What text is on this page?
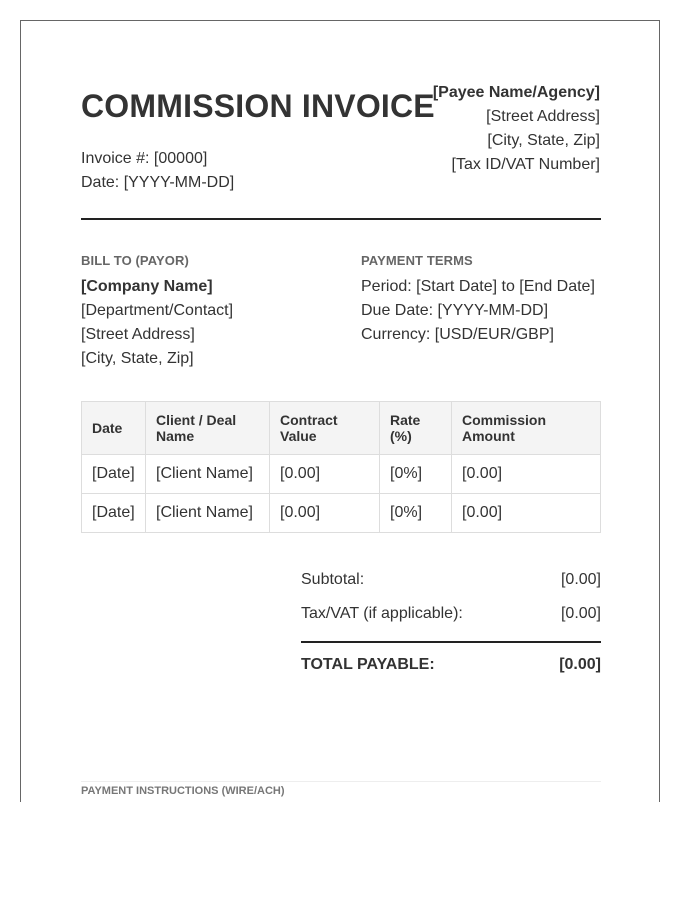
COMMISSION INVOICE
Invoice #: [00000]
Date: [YYYY-MM-DD]
[Payee Name/Agency]
[Street Address]
[City, State, Zip]
[Tax ID/VAT Number]
BILL TO (PAYOR)	PAYMENT TERMS
[Company Name]
[Department/Contact]
[Street Address]
[City, State, Zip]
Period: [Start Date] to [End Date]
Due Date: [YYYY-MM-DD]
Currency: [USD/EUR/GBP]
Date	Client / Deal Name	Contract Value	Rate (%)	Commission Amount
[Date]	[Client Name]	[0.00]	[0%]	[0.00]
[Date]	[Client Name]	[0.00]	[0%]	[0.00]
Subtotal:	[0.00]
Tax/VAT (if applicable):	[0.00]
TOTAL PAYABLE:	[0.00]
PAYMENT INSTRUCTIONS (WIRE/ACH)
